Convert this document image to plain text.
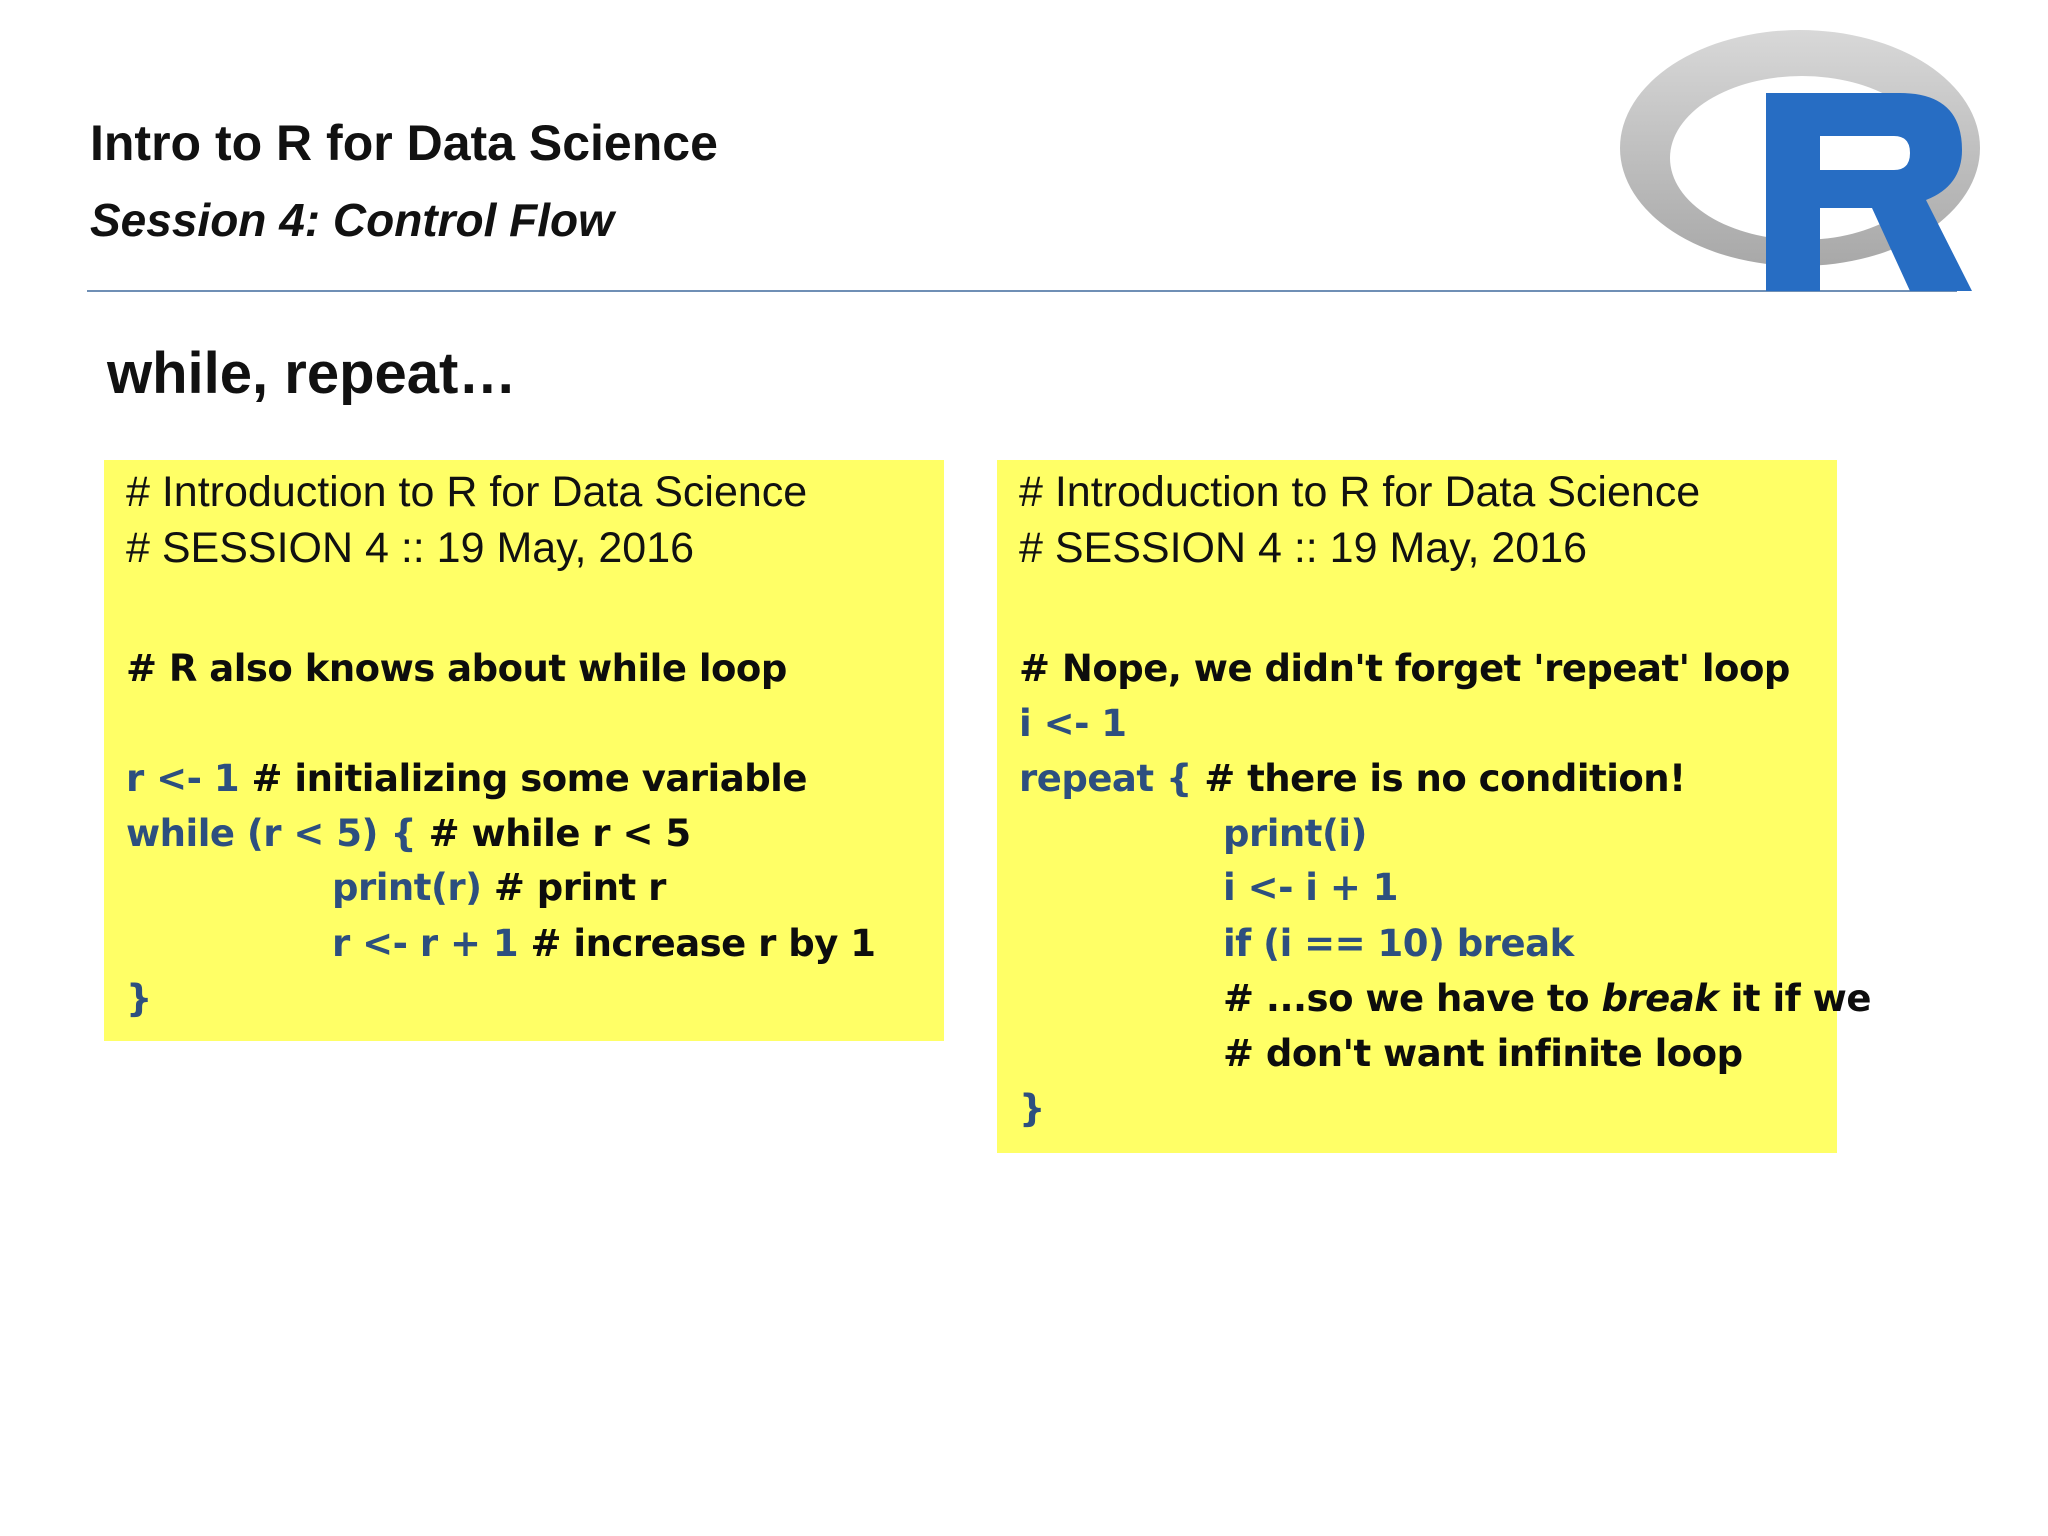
Intro to R for Data Science
Session 4: Control Flow
while, repeat…
# Introduction to R for Data Science
# SESSION 4 :: 19 May, 2016
# R also knows about while loop
r <- 1 # initializing some variable
while (r < 5) { # while r < 5
print(r) # print r
r <- r + 1 # increase r by 1
}
# Introduction to R for Data Science
# SESSION 4 :: 19 May, 2016
# Nope, we didn't forget 'repeat' loop
i <- 1
repeat { # there is no condition!
print(i)
i <- i + 1
if (i == 10) break
# ...so we have to break it if we
# don't want infinite loop
}
